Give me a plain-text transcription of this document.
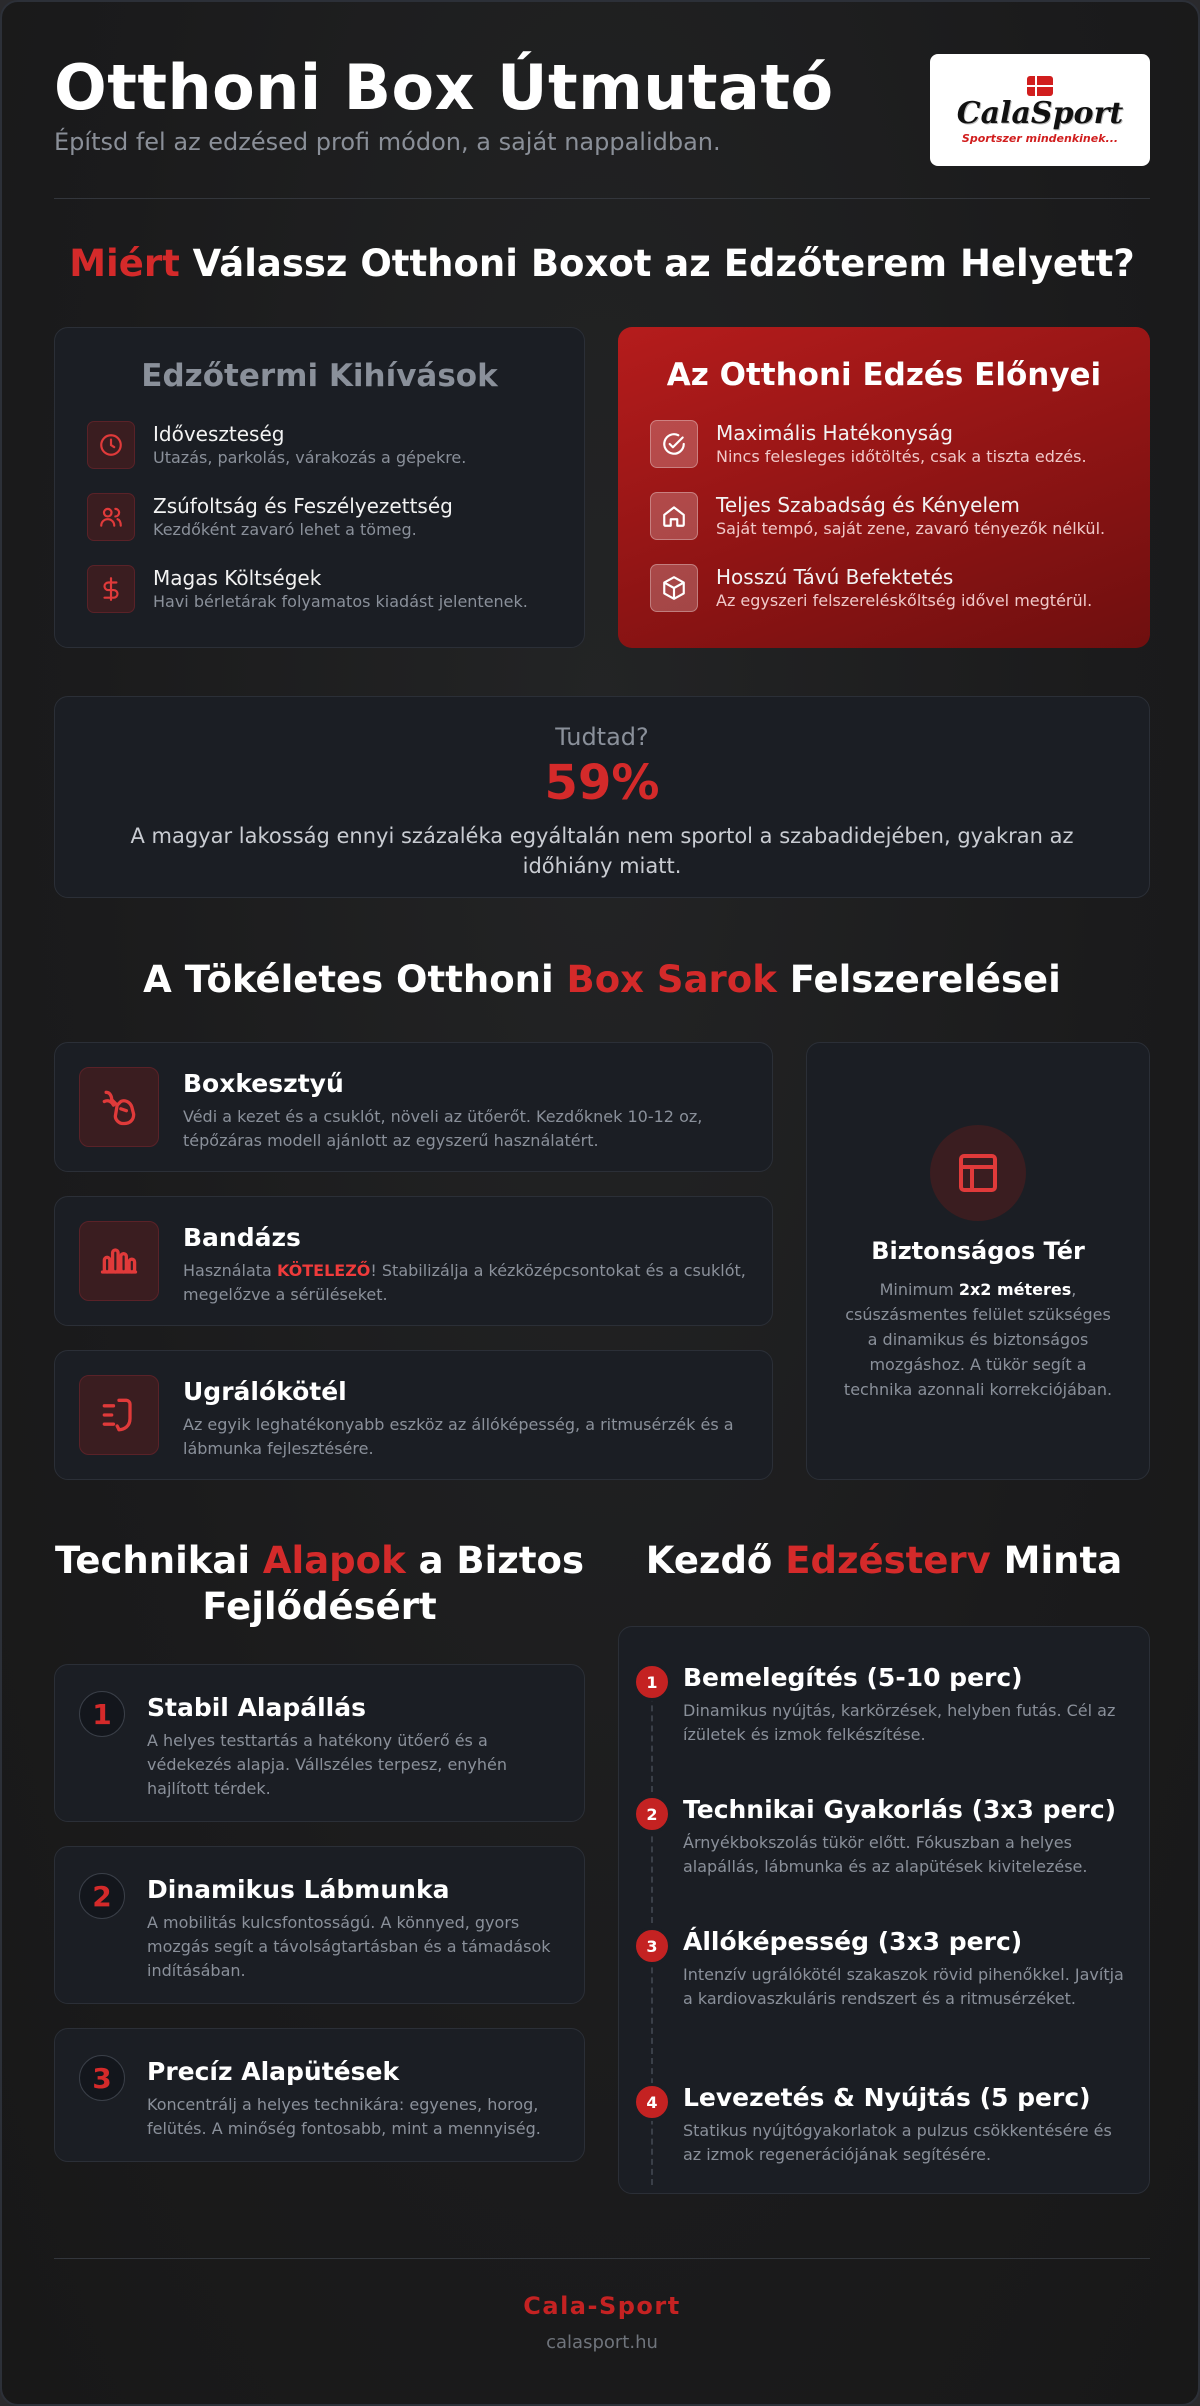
Otthoni Box Útmutató
Építsd fel az edzésed profi módon, a saját nappalidban.
CalaSport
Sportszer mindenkinek...
Miért Válassz Otthoni Boxot az Edzőterem Helyett?
Edzőtermi Kihívások
Időveszteség
Utazás, parkolás, várakozás a gépekre.
Zsúfoltság és Feszélyezettség
Kezdőként zavaró lehet a tömeg.
Magas Költségek
Havi bérletárak folyamatos kiadást jelentenek.
Az Otthoni Edzés Előnyei
Maximális Hatékonyság
Nincs felesleges időtöltés, csak a tiszta edzés.
Teljes Szabadság és Kényelem
Saját tempó, saját zene, zavaró tényezők nélkül.
Hosszú Távú Befektetés
Az egyszeri felszereléskőltség idővel megtérül.
Tudtad?
59%
A magyar lakosság ennyi százaléka egyáltalán nem sportol a szabadidejében, gyakran az időhiány miatt.
A Tökéletes Otthoni Box Sarok Felszerelései
Boxkesztyű
Védi a kezet és a csuklót, növeli az ütőerőt. Kezdőknek 10-12 oz, tépőzáras modell ajánlott az egyszerű használatért.
Bandázs
Használata KÖTELEZŐ! Stabilizálja a kézközépcsontokat és a csuklót, megelőzve a sérüléseket.
Ugrálókötél
Az egyik leghatékonyabb eszköz az állóképesség, a ritmusérzék és a lábmunka fejlesztésére.
Biztonságos Tér
Minimum 2x2 méteres, csúszásmentes felület szükséges a dinamikus és biztonságos mozgáshoz. A tükör segít a technika azonnali korrekciójában.
Technikai Alapok a Biztos Fejlődésért
1	Stabil Alapállás
A helyes testtartás a hatékony ütőerő és a védekezés alapja. Vállszéles terpesz, enyhén hajlított térdek.
2	Dinamikus Lábmunka
A mobilitás kulcsfontosságú. A könnyed, gyors mozgás segít a távolságtartásban és a támadások indításában.
3	Precíz Alapütések
Koncentrálj a helyes technikára: egyenes, horog, felütés. A minőség fontosabb, mint a mennyiség.
Kezdő Edzésterv Minta
1	Bemelegítés (5-10 perc)
Dinamikus nyújtás, karkörzések, helyben futás. Cél az ízületek és izmok felkészítése.
2	Technikai Gyakorlás (3x3 perc)
Árnyékbokszolás tükör előtt. Fókuszban a helyes alapállás, lábmunka és az alapütések kivitelezése.
3	Állóképesség (3x3 perc)
Intenzív ugrálókötél szakaszok rövid pihenőkkel. Javítja a kardiovaszkuláris rendszert és a ritmusérzéket.
4	Levezetés & Nyújtás (5 perc)
Statikus nyújtógyakorlatok a pulzus csökkentésére és az izmok regenerációjának segítésére.
Cala-Sport
calasport.hu
